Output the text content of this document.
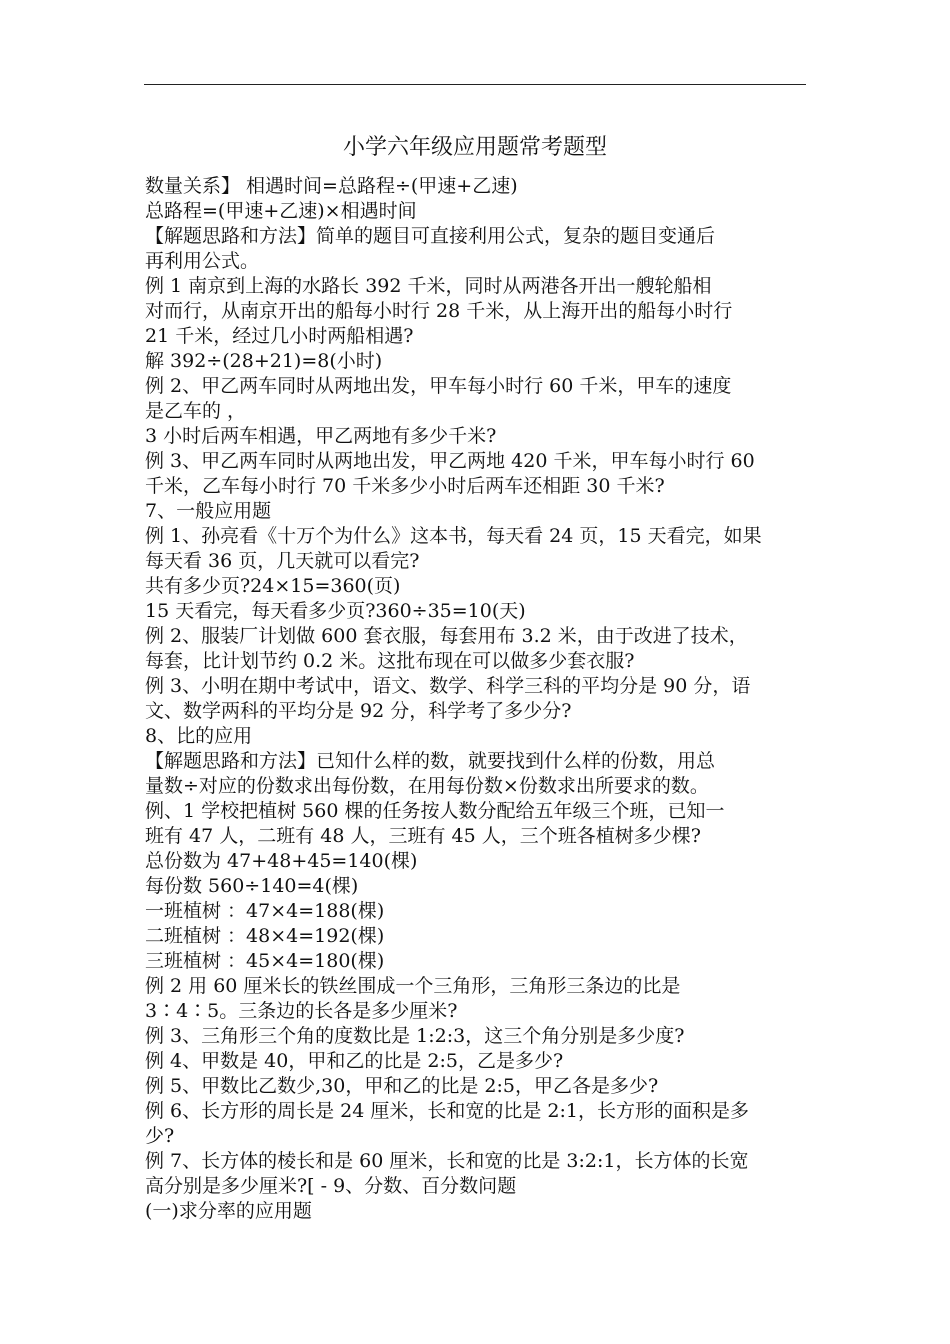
小学六年级应用题常考题型
数量关系】 相遇时间=总路程÷(甲速+乙速)
总路程=(甲速+乙速)×相遇时间
【解题思路和方法】简单的题目可直接利用公式，复杂的题目变通后
再利用公式。
例 1 南京到上海的水路长 392 千米，同时从两港各开出一艘轮船相
对而行，从南京开出的船每小时行 28 千米，从上海开出的船每小时行
21 千米，经过几小时两船相遇?
解 392÷(28+21)=8(小时)
例 2、甲乙两车同时从两地出发，甲车每小时行 60 千米，甲车的速度
是乙车的 ，
3 小时后两车相遇，甲乙两地有多少千米?
例 3、甲乙两车同时从两地出发，甲乙两地 420 千米，甲车每小时行 60
千米，乙车每小时行 70 千米多少小时后两车还相距 30 千米?
7、一般应用题
例 1、孙亮看《十万个为什么》这本书，每天看 24 页，15 天看完，如果
每天看 36 页，几天就可以看完?
共有多少页?24×15=360(页)
15 天看完，每天看多少页?360÷35=10(天)
例 2、服装厂计划做 600 套衣服，每套用布 3.2 米，由于改进了技术，
每套，比计划节约 0.2 米。这批布现在可以做多少套衣服?
例 3、小明在期中考试中，语文、数学、科学三科的平均分是 90 分，语
文、数学两科的平均分是 92 分，科学考了多少分?
8、比的应用
【解题思路和方法】已知什么样的数，就要找到什么样的份数，用总
量数÷对应的份数求出每份数，在用每份数×份数求出所要求的数。
例、1 学校把植树 560 棵的任务按人数分配给五年级三个班，已知一
班有 47 人，二班有 48 人，三班有 45 人，三个班各植树多少棵?
总份数为 47+48+45=140(棵)
每份数 560÷140=4(棵)
一班植树 ：47×4=188(棵)
二班植树 ：48×4=192(棵)
三班植树 ：45×4=180(棵)
例 2 用 60 厘米长的铁丝围成一个三角形，三角形三条边的比是
3∶4∶5。三条边的长各是多少厘米?
例 3、三角形三个角的度数比是 1:2:3，这三个角分别是多少度?
例 4、甲数是 40，甲和乙的比是 2:5，乙是多少?
例 5、甲数比乙数少,30，甲和乙的比是 2:5，甲乙各是多少?
例 6、长方形的周长是 24 厘米，长和宽的比是 2:1，长方形的面积是多
少?
例 7、长方体的棱长和是 60 厘米，长和宽的比是 3:2:1，长方体的长宽
高分别是多少厘米?[ - 9、分数、百分数问题
(一)求分率的应用题
